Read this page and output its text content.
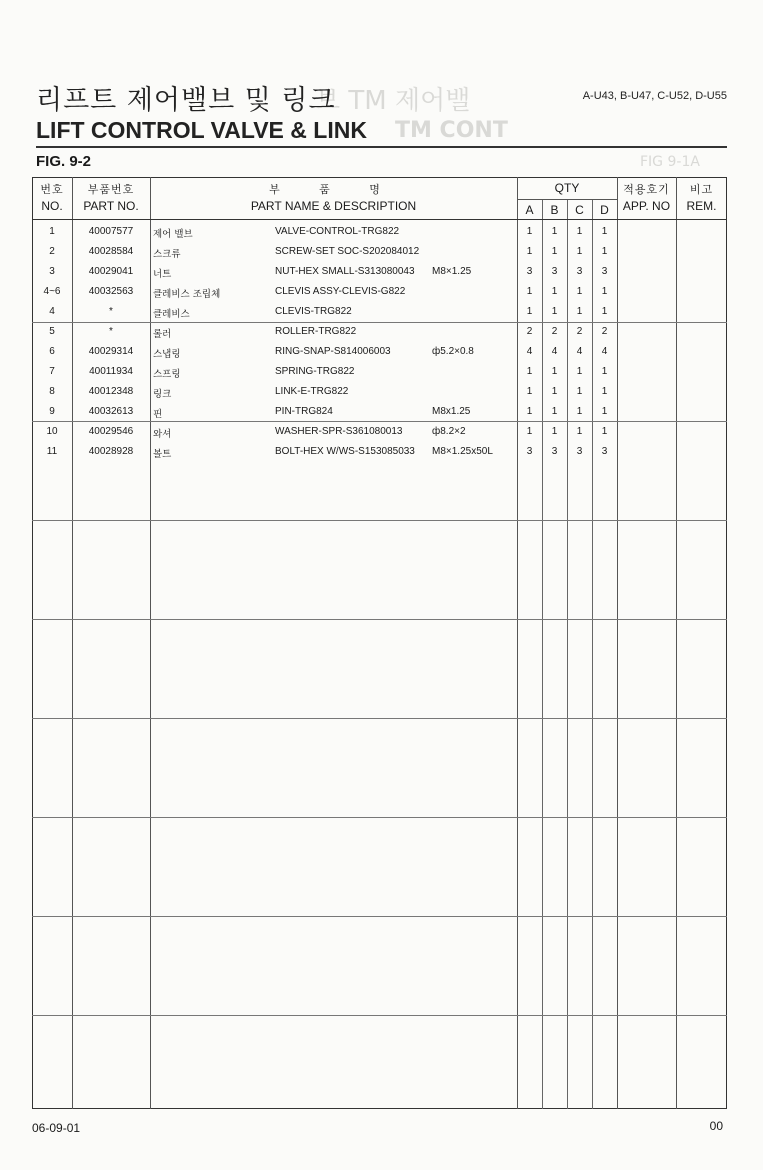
브 TM 제어밸
TM CONT
FIG 9-1A
리프트 제어밸브 및 링크	A-U43, B-U47, C-U52, D-U55
LIFT CONTROL VALVE & LINK
FIG. 9-2
번호
NO.
부품번호
PART NO.
부 품 명
PART NAME & DESCRIPTION
QTY
A	B	C	D
적용호기
APP. NO
비고
REM.
1	40007577	제어 밸브	VALVE-CONTROL-TRG822	1	1	1	1
2	40028584	스크류	SCREW-SET SOC-S202084012	1	1	1	1
3	40029041	너트	NUT-HEX SMALL-S313080043 M8×1.25	3	3	3	3
4~6	40032563	클레비스 조립체	CLEVIS ASSY-CLEVIS-G822	1	1	1	1
4	*	클레비스	CLEVIS-TRG822	1	1	1	1
5	*	롤러	ROLLER-TRG822	2	2	2	2
6	40029314	스냅링	RING-SNAP-S814006003	ф5.2×0.8	4	4	4	4
7	40011934	스프링	SPRING-TRG822	1	1	1	1
8	40012348	링크	LINK-E-TRG822	1	1	1	1
9	40032613	핀	PIN-TRG824	M8x1.25	1	1	1	1
10	40029546	와셔	WASHER-SPR-S361080013	ф8.2×2	1	1	1	1
11	40028928	볼트	BOLT-HEX W/WS-S153085033 M8×1.25x50L	3	3	3	3
06-09-01	00
